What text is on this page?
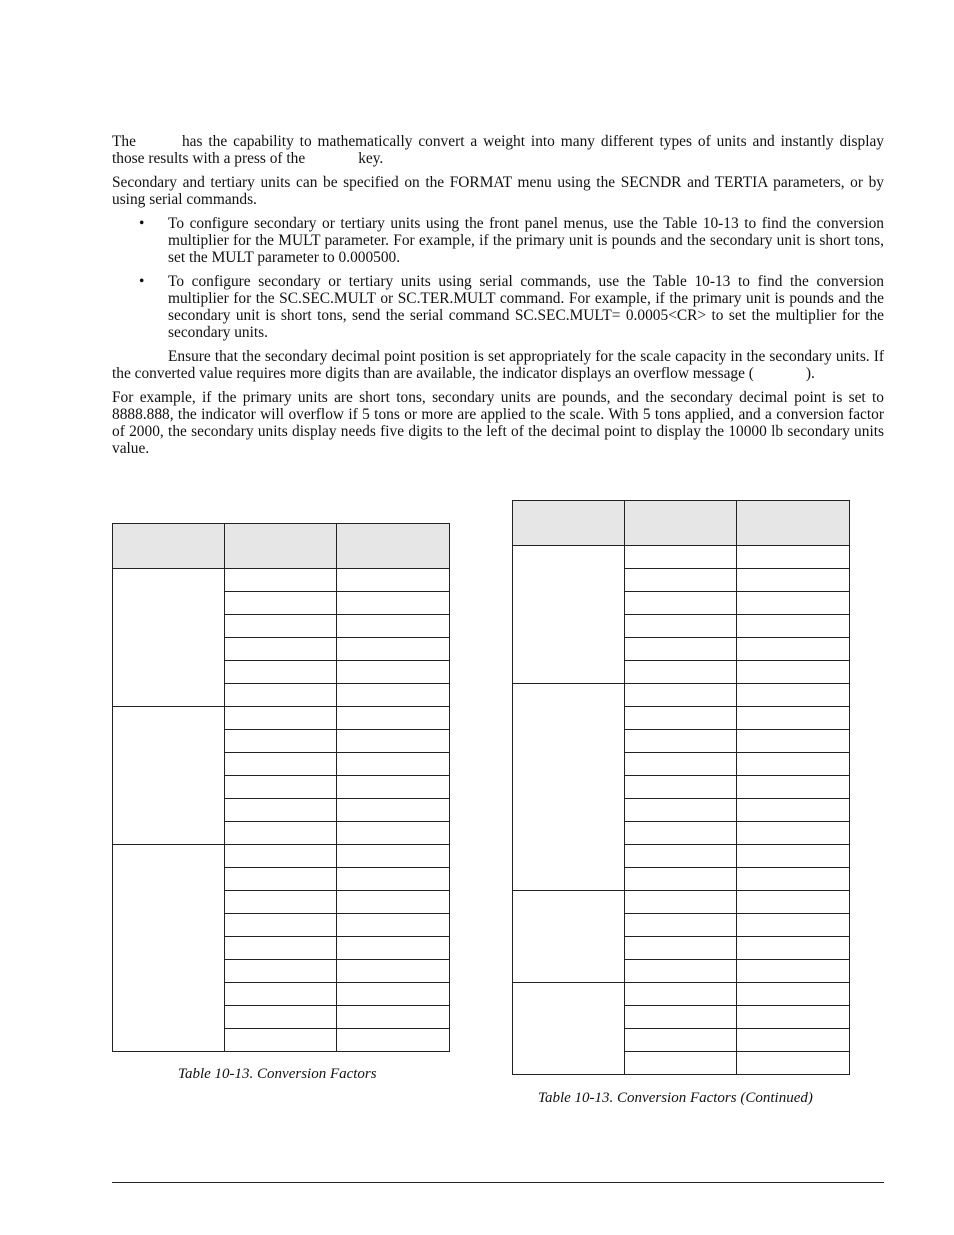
The	has the capability to mathematically convert a weight into many different types of units and instantly display those results with a press of the	key.

Secondary and tertiary units can be specified on the FORMAT menu using the SECNDR and TERTIA parameters, or by using serial commands.

• To configure secondary or tertiary units using the front panel menus, use the Table 10-13 to find the conversion multiplier for the MULT parameter. For example, if the primary unit is pounds and the secondary unit is short tons, set the MULT parameter to 0.000500.
• To configure secondary or tertiary units using serial commands, use the Table 10-13 to find the conversion multiplier for the SC.SEC.MULT or SC.TER.MULT command. For example, if the primary unit is pounds and the secondary unit is short tons, send the serial command SC.SEC.MULT= 0.0005<CR> to set the multiplier for the secondary units.

Ensure that the secondary decimal point position is set appropriately for the scale capacity in the secondary units. If the converted value requires more digits than are available, the indicator displays an overflow message (	).

For example, if the primary units are short tons, secondary units are pounds, and the secondary decimal point is set to 8888.888, the indicator will overflow if 5 tons or more are applied to the scale. With 5 tons applied, and a conversion factor of 2000, the secondary units display needs five digits to the left of the decimal point to display the 10000 lb secondary units value.

Table 10-13. Conversion Factors

Table 10-13. Conversion Factors (Continued)
